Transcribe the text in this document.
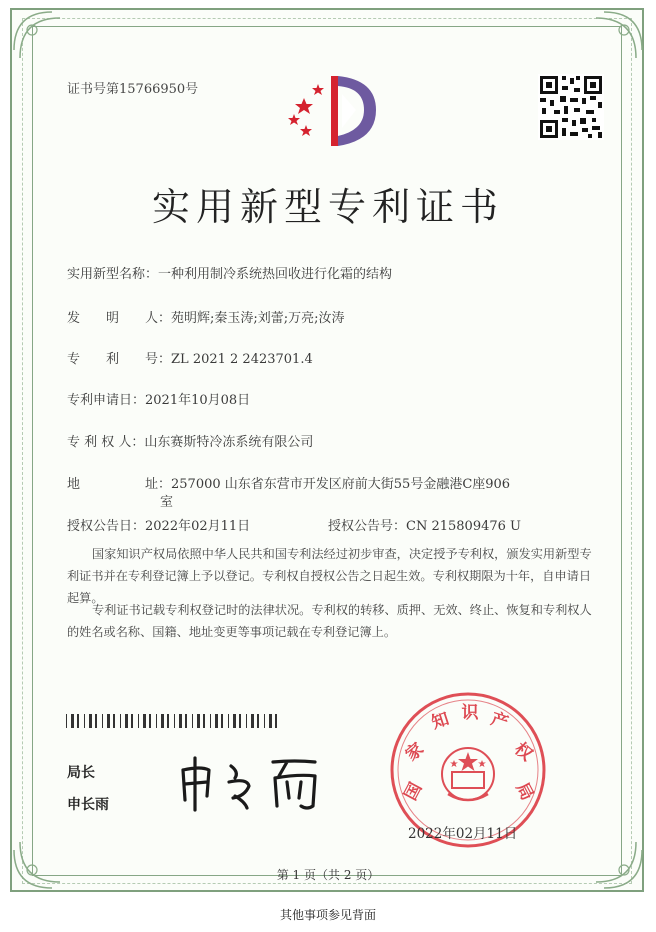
证书号第15766950号
实用新型专利证书
实用新型名称：一种利用制冷系统热回收进行化霜的结构
发　　明　　人：苑明辉;秦玉涛;刘蕾;万亮;汝涛
专　　利　　号：ZL 2021 2 2423701.4
专利申请日：2021年10月08日
专 利 权 人：山东赛斯特冷冻系统有限公司
地　　　　　址：257000 山东省东营市开发区府前大街55号金融港C座906
室
授权公告日：2022年02月11日	授权公告号：CN 215809476 U
国家知识产权局依照中华人民共和国专利法经过初步审查，决定授予专利权，颁发实用新型专利证书并在专利登记簿上予以登记。专利权自授权公告之日起生效。专利权期限为十年，自申请日起算。
专利证书记载专利权登记时的法律状况。专利权的转移、质押、无效、终止、恢复和专利权人的姓名或名称、国籍、地址变更等事项记载在专利登记簿上。
局长
申长雨
国
家
知 识 产
权
局
2022年02月11日
第 1 页（共 2 页）
其他事项参见背面
